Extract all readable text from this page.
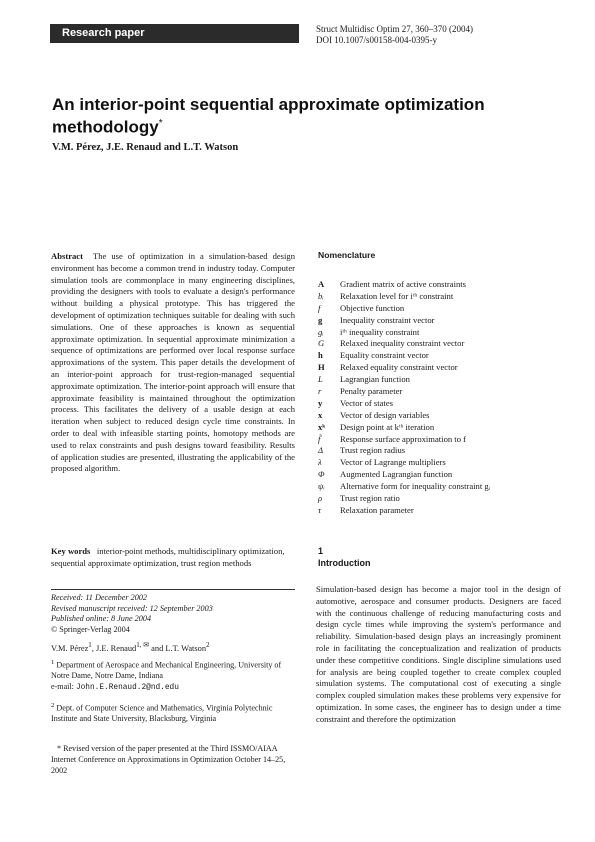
Research paper	Struct Multidisc Optim 27, 360–370 (2004)
DOI 10.1007/s00158-004-0395-y
An interior-point sequential approximate optimization methodology*
V.M. Pérez, J.E. Renaud and L.T. Watson
Abstract The use of optimization in a simulation-based design environment has become a common trend in industry today. Computer simulation tools are commonplace in many engineering disciplines, providing the designers with tools to evaluate a design's performance without building a physical prototype. This has triggered the development of optimization techniques suitable for dealing with such simulations. One of these approaches is known as sequential approximate optimization. In sequential approximate minimization a sequence of optimizations are performed over local response surface approximations of the system. This paper details the development of an interior-point approach for trust-region-managed sequential approximate optimization. The interior-point approach will ensure that approximate feasibility is maintained throughout the optimization process. This facilitates the delivery of a usable design at each iteration when subject to reduced design cycle time constraints. In order to deal with infeasible starting points, homotopy methods are used to relax constraints and push designs toward feasibility. Results of application studies are presented, illustrating the applicability of the proposed algorithm.
Key words interior-point methods, multidisciplinary optimization, sequential approximate optimization, trust region methods
Received: 11 December 2002
Revised manuscript received: 12 September 2003
Published online: 8 June 2004
© Springer-Verlag 2004
V.M. Pérez$^1$, J.E. Renaud$^{1, ✉}$ and L.T. Watson$^2$
$^1$ Department of Aerospace and Mechanical Engineering, University of Notre Dame, Notre Dame, Indiana
e-mail: John.E.Renaud.2@nd.edu
$^2$ Dept. of Computer Science and Mathematics, Virginia Polytechnic Institute and State University, Blacksburg, Virginia
* Revised version of the paper presented at the Third ISSMO/AIAA Internet Conference on Approximations in Optimization October 14–25, 2002
Nomenclature
A	Gradient matrix of active constraints
bᵢ	Relaxation level for iᵗʰ constraint
f	Objective function
g	Inequality constraint vector
gᵢ	iᵗʰ inequality constraint
G	Relaxed inequality constraint vector
h	Equality constraint vector
H	Relaxed equality constraint vector
L	Lagrangian function
r	Penalty parameter
y	Vector of states
x	Vector of design variables
xᵏ	Design point at kᵗʰ iteration
f̃	Response surface approximation to f
Δ	Trust region radius
λ	Vector of Lagrange multipliers
Φ	Augmented Lagrangian function
ψᵢ	Alternative form for inequality constraint gᵢ
ρ	Trust region ratio
τ	Relaxation parameter
1
Introduction
Simulation-based design has become a major tool in the design of automotive, aerospace and consumer products. Designers are faced with the continuous challenge of reducing manufacturing costs and design cycle times while improving the system's performance and reliability. Simulation-based design plays an increasingly prominent role in facilitating the conceptualization and realization of products under these competitive conditions. Single discipline simulations used for analysis are being coupled together to create complex coupled simulation systems. The computational cost of executing a single complex coupled simulation makes these problems very expensive for optimization. In some cases, the engineer has to design under a time constraint and therefore the optimization
